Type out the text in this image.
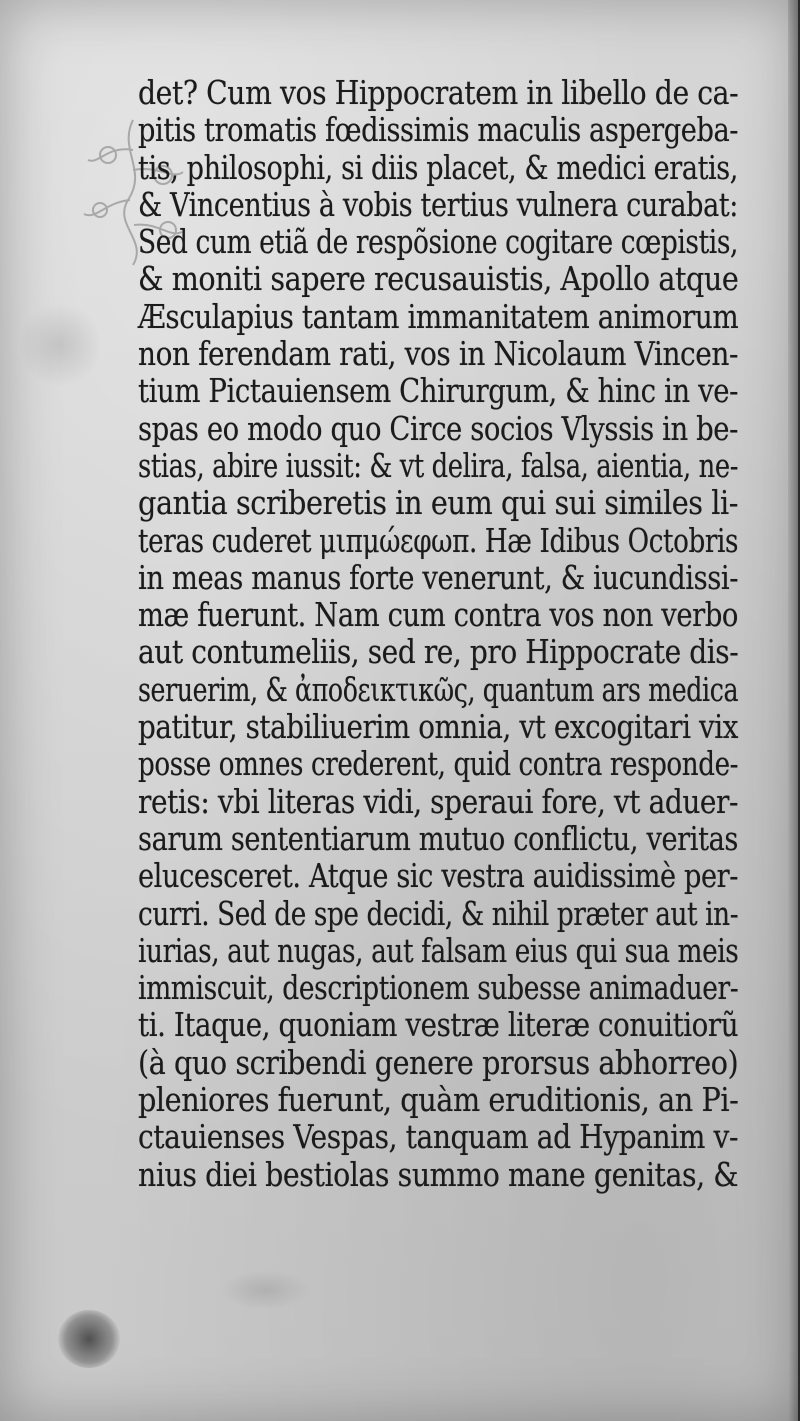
det? Cum vos Hippocratem in libello de ca-
pitis tromatis fœdissimis maculis aspergeba-
tis, philosophi, si diis placet, & medici eratis,
& Vincentius à vobis tertius vulnera curabat:
Sed cum etiã de respõsione cogitare cœpistis,
& moniti sapere recusauistis, Apollo atque
Æsculapius tantam immanitatem animorum
non ferendam rati, vos in Nicolaum Vincen-
tium Pictauiensem Chirurgum, & hinc in ve-
spas eo modo quo Circe socios Vlyssis in be-
stias, abire iussit: & vt delira, falsa, aientia, ne-
gantia scriberetis in eum qui sui similes li-
teras cuderet μιπμώεφωπ. Hæ Idibus Octobris
in meas manus forte venerunt, & iucundissi-
mæ fuerunt. Nam cum contra vos non verbo
aut contumeliis, sed re, pro Hippocrate dis-
seruerim, & ἀποδεικτικῶς, quantum ars medica
patitur, stabiliuerim omnia, vt excogitari vix
posse omnes crederent, quid contra responde-
retis: vbi literas vidi, speraui fore, vt aduer-
sarum sententiarum mutuo conflictu, veritas
elucesceret. Atque sic vestra auidissimè per-
curri. Sed de spe decidi, & nihil præter aut in-
iurias, aut nugas, aut falsam eius qui sua meis
immiscuit, descriptionem subesse animaduer-
ti. Itaque, quoniam vestræ literæ conuitiorũ
(à quo scribendi genere prorsus abhorreo)
pleniores fuerunt, quàm eruditionis, an Pi-
ctauienses Vespas, tanquam ad Hypanim v-
nius diei bestiolas summo mane genitas, &
